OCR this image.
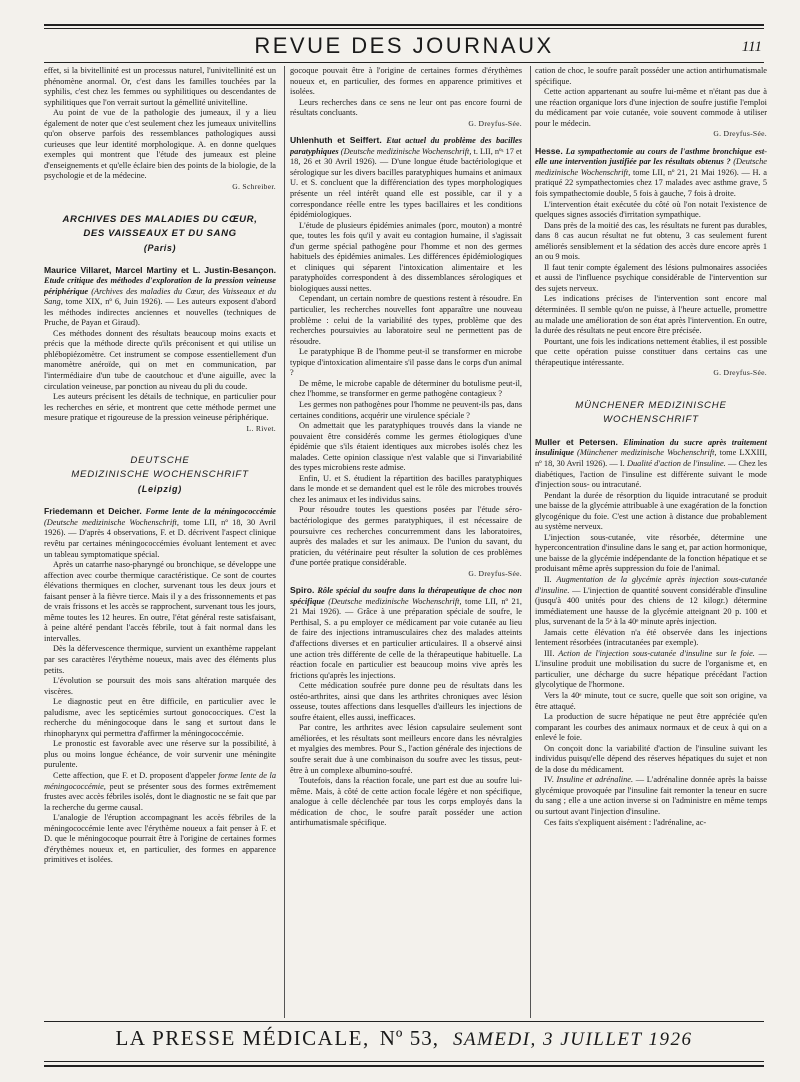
REVUE DES JOURNAUX	111

effet, si la bivitellinité est un processus naturel, l'univitellinité est un phénomène anormal. Or, c'est dans les familles touchées par la syphilis, c'est chez les femmes ou syphilitiques ou descendantes de syphilitiques que l'on verrait surtout la gémellité univitelline.

Au point de vue de la pathologie des jumeaux, il y a lieu également de noter que c'est seulement chez les jumeaux univitellins qu'on observe parfois des ressemblances pathologiques aussi curieuses que leur identité morphologique. A. en donne quelques exemples qui montrent que l'étude des jumeaux est pleine d'enseignements et qu'elle éclaire bien des points de la biologie, de la psychologie et de la médecine.

G. Schreiber.

ARCHIVES DES MALADIES DU CŒUR,
DES VAISSEAUX ET DU SANG
(Paris)

Maurice Villaret, Marcel Martiny et L. Justin-Besançon. Etude critique des méthodes d'exploration de la pression veineuse périphérique (Archives des maladies du Cœur, des Vaisseaux et du Sang, tome XIX, nº 6, Juin 1926). — Les auteurs exposent d'abord les méthodes indirectes anciennes et nouvelles (techniques de Pruche, de Payan et Giraud).

Ces méthodes donnent des résultats beaucoup moins exacts et précis que la méthode directe qu'ils préconisent et qui utilise un phlébopiézomètre. Cet instrument se compose essentiellement d'un manomètre anéroïde, qui on met en communication, par l'intermédiaire d'un tube de caoutchouc et d'une aiguille, avec la circulation veineuse, par ponction au niveau du pli du coude.

Les auteurs précisent les détails de technique, en particulier pour les recherches en série, et montrent que cette méthode permet une mesure pratique et rigoureuse de la pression veineuse périphérique.

L. Rivet.

DEUTSCHE
MEDIZINISCHE WOCHENSCHRIFT
(Leipzig)

Friedemann et Deicher. Forme lente de la méningococcémie (Deutsche medizinische Wochenschrift, tome LII, nº 18, 30 Avril 1926). — D'après 4 observations, F. et D. décrivent l'aspect clinique revêtu par certaines méningococcémies évoluant lentement et avec un tableau symptomatique spécial.

Après un catarrhe naso-pharyngé ou bronchique, se développe une affection avec courbe thermique caractéristique. Ce sont de courtes élévations thermiques en clocher, survenant tous les deux jours et faisant penser à la fièvre tierce. Mais il y a des frissonnements et pas de vrais frissons et les accès se rapprochent, survenant tous les jours, même toutes les 12 heures. En outre, l'état général reste satisfaisant, à peine altéré pendant l'accès fébrile, tout à fait normal dans les intervalles.

Dès la défervescence thermique, survient un exanthème rappelant par ses caractères l'érythème noueux, mais avec des éléments plus petits.

L'évolution se poursuit des mois sans altération marquée des viscères.

Le diagnostic peut en être difficile, en particulier avec le paludisme, avec les septicémies surtout gonococciques. C'est la recherche du méningocoque dans le sang et surtout dans le rhinopharynx qui permettra d'affirmer la méningococcémie.

Le pronostic est favorable avec une réserve sur la possibilité, à plus ou moins longue échéance, de voir survenir une méningite purulente.

Cette affection, que F. et D. proposent d'appeler forme lente de la méningococcémie, peut se présenter sous des formes extrêmement frustes avec accès fébriles isolés, dont le diagnostic ne se fait que par la recherche du germe causal.

L'analogie de l'éruption accompagnant les accès fébriles de la méningococcémie lente avec l'érythème noueux a fait penser à F. et D. que le méningocoque pourrait être à l'origine de certaines formes d'érythèmes noueux et, en particulier, des formes en apparence primitives et isolées.

gocoque pouvait être à l'origine de certaines formes d'érythèmes noueux et, en particulier, des formes en apparence primitives et isolées.

Leurs recherches dans ce sens ne leur ont pas encore fourni de résultats concluants.

G. Dreyfus-Sée.

Uhlenhuth et Seiffert. Etat actuel du problème des bacilles paratyphiques (Deutsche medizinische Wochenschrift, t. LII, nºˢ 17 et 18, 26 et 30 Avril 1926). — D'une longue étude bactériologique et sérologique sur les divers bacilles paratyphiques humains et animaux U. et S. concluent que la différenciation des types morphologiques présente un réel intérêt quand elle est possible, car il y a correspondance réelle entre les types bacillaires et les conditions épidémiologiques.

L'étude de plusieurs épidémies animales (porc, mouton) a montré que, toutes les fois qu'il y avait eu contagion humaine, il s'agissait d'un germe spécial pathogène pour l'homme et non des germes habituels des épidémies animales. Les différences épidémiologiques et cliniques qui séparent l'intoxication alimentaire et les paratyphoïdes correspondent à des dissemblances sérologiques et biologiques aussi nettes.

Cependant, un certain nombre de questions restent à résoudre. En particulier, les recherches nouvelles font apparaître une nouveau problème : celui de la variabilité des types, problème que des recherches poursuivies au laboratoire seul ne permettent pas de résoudre.

Le paratyphique B de l'homme peut-il se transformer en microbe typique d'intoxication alimentaire s'il passe dans le corps d'un animal ?

De même, le microbe capable de déterminer du botulisme peut-il, chez l'homme, se transformer en germe pathogène contagieux ?

Les germes non pathogènes pour l'homme ne peuvent-ils pas, dans certaines conditions, acquérir une virulence spéciale ?

On admettait que les paratyphiques trouvés dans la viande ne pouvaient être considérés comme les germes étiologiques d'une épidémie que s'ils étaient identiques aux microbes isolés chez les malades. Cette opinion classique n'est valable que si l'invariabilité des types microbiens reste admise.

Enfin, U. et S. étudient la répartition des bacilles paratyphiques dans le monde et se demandent quel est le rôle des microbes trouvés chez les animaux et les individus sains.

Pour résoudre toutes les questions posées par l'étude séro-bactériologique des germes paratyphiques, il est nécessaire de poursuivre ces recherches concurremment dans les laboratoires, auprès des malades et sur les animaux. De l'union du savant, du praticien, du vétérinaire peut résulter la solution de ces problèmes d'une portée pratique considérable.

G. Dreyfus-Sée.

Spiro. Rôle spécial du soufre dans la thérapeutique de choc non spécifique (Deutsche medizinische Wochenschrift, tome LII, nº 21, 21 Mai 1926). — Grâce à une préparation spéciale de soufre, le Perthisal, S. a pu employer ce médicament par voie cutanée au lieu de faire des injections intramusculaires chez des malades atteints d'affections diverses et en particulier articulaires. Il a observé ainsi une action très différente de celle de la thérapeutique habituelle. La réaction focale en particulier est beaucoup moins vive après les frictions qu'après les injections.

Cette médication soufrée pure donne peu de résultats dans les ostéo-arthrites, ainsi que dans les arthrites chroniques avec lésion osseuse, toutes affections dans lesquelles d'ailleurs les injections de soufre étaient, elles aussi, inefficaces.

Par contre, les arthrites avec lésion capsulaire seulement sont améliorées, et les résultats sont meilleurs encore dans les névralgies et myalgies des membres. Pour S., l'action générale des injections de soufre serait due à une combinaison du soufre avec les tissus, peut-être à un complexe albumino-soufré.

Toutefois, dans la réaction focale, une part est due au soufre lui-même. Mais, à côté de cette action focale légère et non spécifique, analogue à celle déclenchée par tous les corps employés dans la médication de choc, le soufre paraît posséder une action antirhumatismale spécifique.

cation de choc, le soufre paraît posséder une action antirhumatismale spécifique.

Cette action appartenant au soufre lui-même et n'étant pas due à une réaction organique lors d'une injection de soufre justifie l'emploi du médicament par voie cutanée, voie souvent commode à utiliser pour le médecin.

G. Dreyfus-Sée.

Hesse. La sympathectomie au cours de l'asthme bronchique est-elle une intervention justifiée par les résultats obtenus ? (Deutsche medizinische Wochenschrift, tome LII, nº 21, 21 Mai 1926). — H. a pratiqué 22 sympathectomies chez 17 malades avec asthme grave, 5 fois sympathectomie double, 5 fois à gauche, 7 fois à droite.

L'intervention était exécutée du côté où l'on notait l'existence de quelques signes associés d'irritation sympathique.

Dans près de la moitié des cas, les résultats ne furent pas durables, dans 8 cas aucun résultat ne fut obtenu, 3 cas seulement furent améliorés sensiblement et la sédation des accès dure encore après 1 an ou 9 mois.

Il faut tenir compte également des lésions pulmonaires associées et aussi de l'influence psychique considérable de l'intervention sur des sujets nerveux.

Les indications précises de l'intervention sont encore mal déterminées. Il semble qu'on ne puisse, à l'heure actuelle, promettre au malade une amélioration de son état après l'intervention. En outre, la durée des résultats ne peut encore être précisée.

Pourtant, une fois les indications nettement établies, il est possible que cette opération puisse constituer dans certains cas une thérapeutique intéressante.

G. Dreyfus-Sée.

MÜNCHENER MEDIZINISCHE
WOCHENSCHRIFT

Muller et Petersen. Elimination du sucre après traitement insulinique (Münchener medizinische Wochenschrift, tome LXXIII, nº 18, 30 Avril 1926). — I. Dualité d'action de l'insuline. — Chez les diabétiques, l'action de l'insuline est différente suivant le mode d'injection sous- ou intracutané.

Pendant la durée de résorption du liquide intracutané se produit une baisse de la glycémie attribuable à une exagération de la fonction glycogénique du foie. C'est une action à distance due probablement au système nerveux.

L'injection sous-cutanée, vite résorbée, détermine une hyperconcentration d'insuline dans le sang et, par action hormonique, une baisse de la glycémie indépendante de la fonction hépatique et se produisant même après suppression du foie de l'animal.

II. Augmentation de la glycémie après injection sous-cutanée d'insuline. — L'injection de quantité souvent considérable d'insuline (jusqu'à 400 unités pour des chiens de 12 kilogr.) détermine immédiatement une hausse de la glycémie atteignant 20 p. 100 et plus, survenant de la 5ᵉ à la 40ᵉ minute après injection.

Jamais cette élévation n'a été observée dans les injections lentement résorbées (intracutanées par exemple).

III. Action de l'injection sous-cutanée d'insuline sur le foie. — L'insuline produit une mobilisation du sucre de l'organisme et, en particulier, une décharge du sucre hépatique précédant l'action glycolytique de l'hormone.

Vers la 40ᵉ minute, tout ce sucre, quelle que soit son origine, va être attaqué.

La production de sucre hépatique ne peut être appréciée qu'en comparant les courbes des animaux normaux et de ceux à qui on a enlevé le foie.

On conçoit donc la variabilité d'action de l'insuline suivant les individus puisqu'elle dépend des réserves hépatiques du sujet et non de la dose du médicament.

IV. Insuline et adrénaline. — L'adrénaline donnée après la baisse glycémique provoquée par l'insuline fait remonter la teneur en sucre du sang ; elle a une action inverse si on l'administre en même temps ou surtout avant l'injection d'insuline.

Ces faits s'expliquent aisément : l'adrénaline, ac-

LA PRESSE MÉDICALE, Nº 53, SAMEDI, 3 JUILLET 1926
